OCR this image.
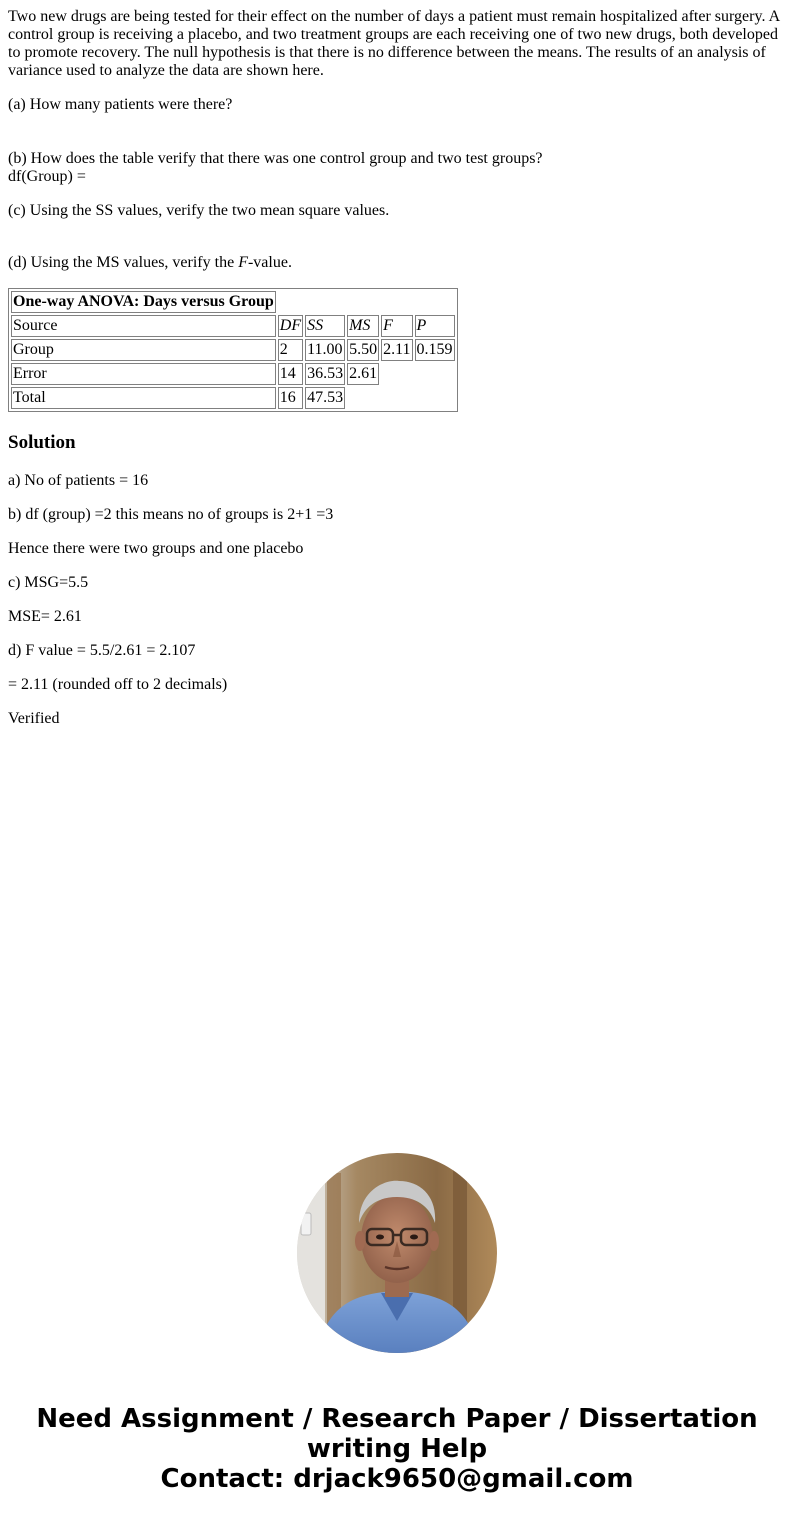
Two new drugs are being tested for their effect on the number of days a patient must remain hospitalized after surgery. A control group is receiving a placebo, and two treatment groups are each receiving one of two new drugs, both developed to promote recovery. The null hypothesis is that there is no difference between the means. The results of an analysis of variance used to analyze the data are shown here.

(a) How many patients were there?

(b) How does the table verify that there was one control group and two test groups?
df(Group) =

(c) Using the SS values, verify the two mean square values.

(d) Using the MS values, verify the F-value.

One-way ANOVA: Days versus Group					
Source	DF	SS	MS	F	P
Group	2	11.00	5.50	2.11	0.159
Error	14	36.53	2.61		
Total	16	47.53			
Solution

a) No of patients = 16

b) df (group) =2 this means no of groups is 2+1 =3

Hence there were two groups and one placebo

c) MSG=5.5

MSE= 2.61

d) F value = 5.5/2.61 = 2.107

= 2.11 (rounded off to 2 decimals)

Verified

Need Assignment / Research Paper / Dissertation
writing Help
Contact: drjack9650@gmail.com
